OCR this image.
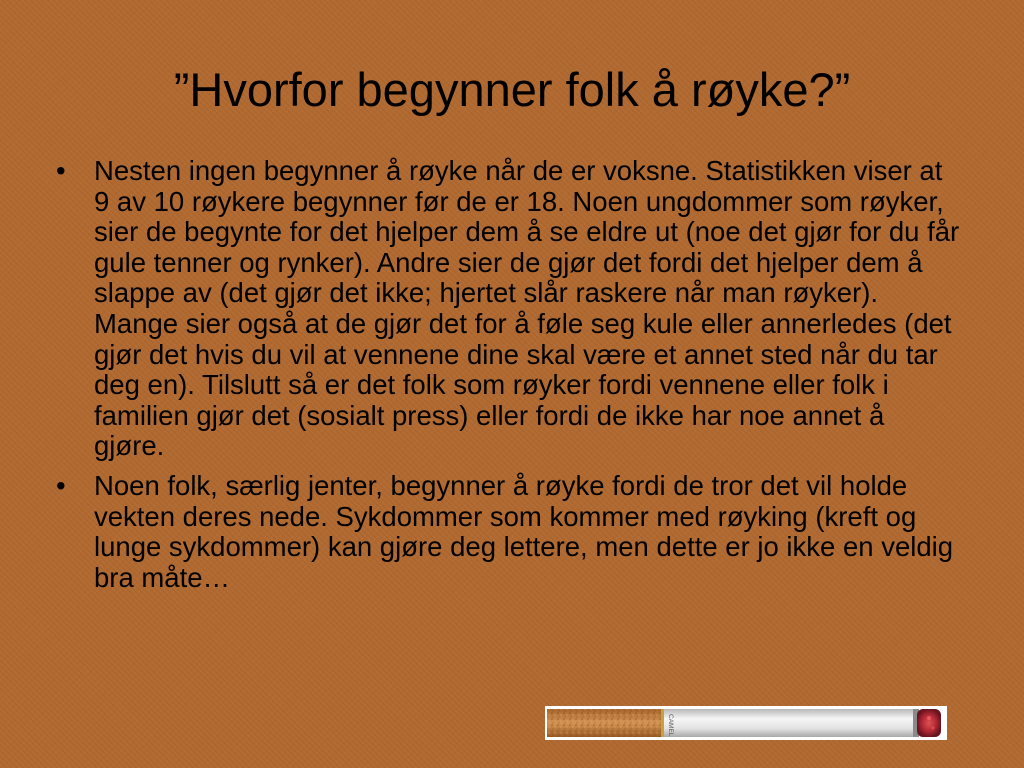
”Hvorfor begynner folk å røyke?”
• Nesten ingen begynner å røyke når de er voksne. Statistikken viser at 9 av 10 røykere begynner før de er 18. Noen ungdommer som røyker, sier de begynte for det hjelper dem å se eldre ut (noe det gjør for du får gule tenner og rynker). Andre sier de gjør det fordi det hjelper dem å slappe av (det gjør det ikke; hjertet slår raskere når man røyker). Mange sier også at de gjør det for å føle seg kule eller annerledes (det gjør det hvis du vil at vennene dine skal være et annet sted når du tar deg en). Tilslutt så er det folk som røyker fordi vennene eller folk i familien gjør det (sosialt press) eller fordi de ikke har noe annet å gjøre.
• Noen folk, særlig jenter, begynner å røyke fordi de tror det vil holde vekten deres nede. Sykdommer som kommer med røyking (kreft og lunge sykdommer) kan gjøre deg lettere, men dette er jo ikke en veldig bra måte…
CAMEL
